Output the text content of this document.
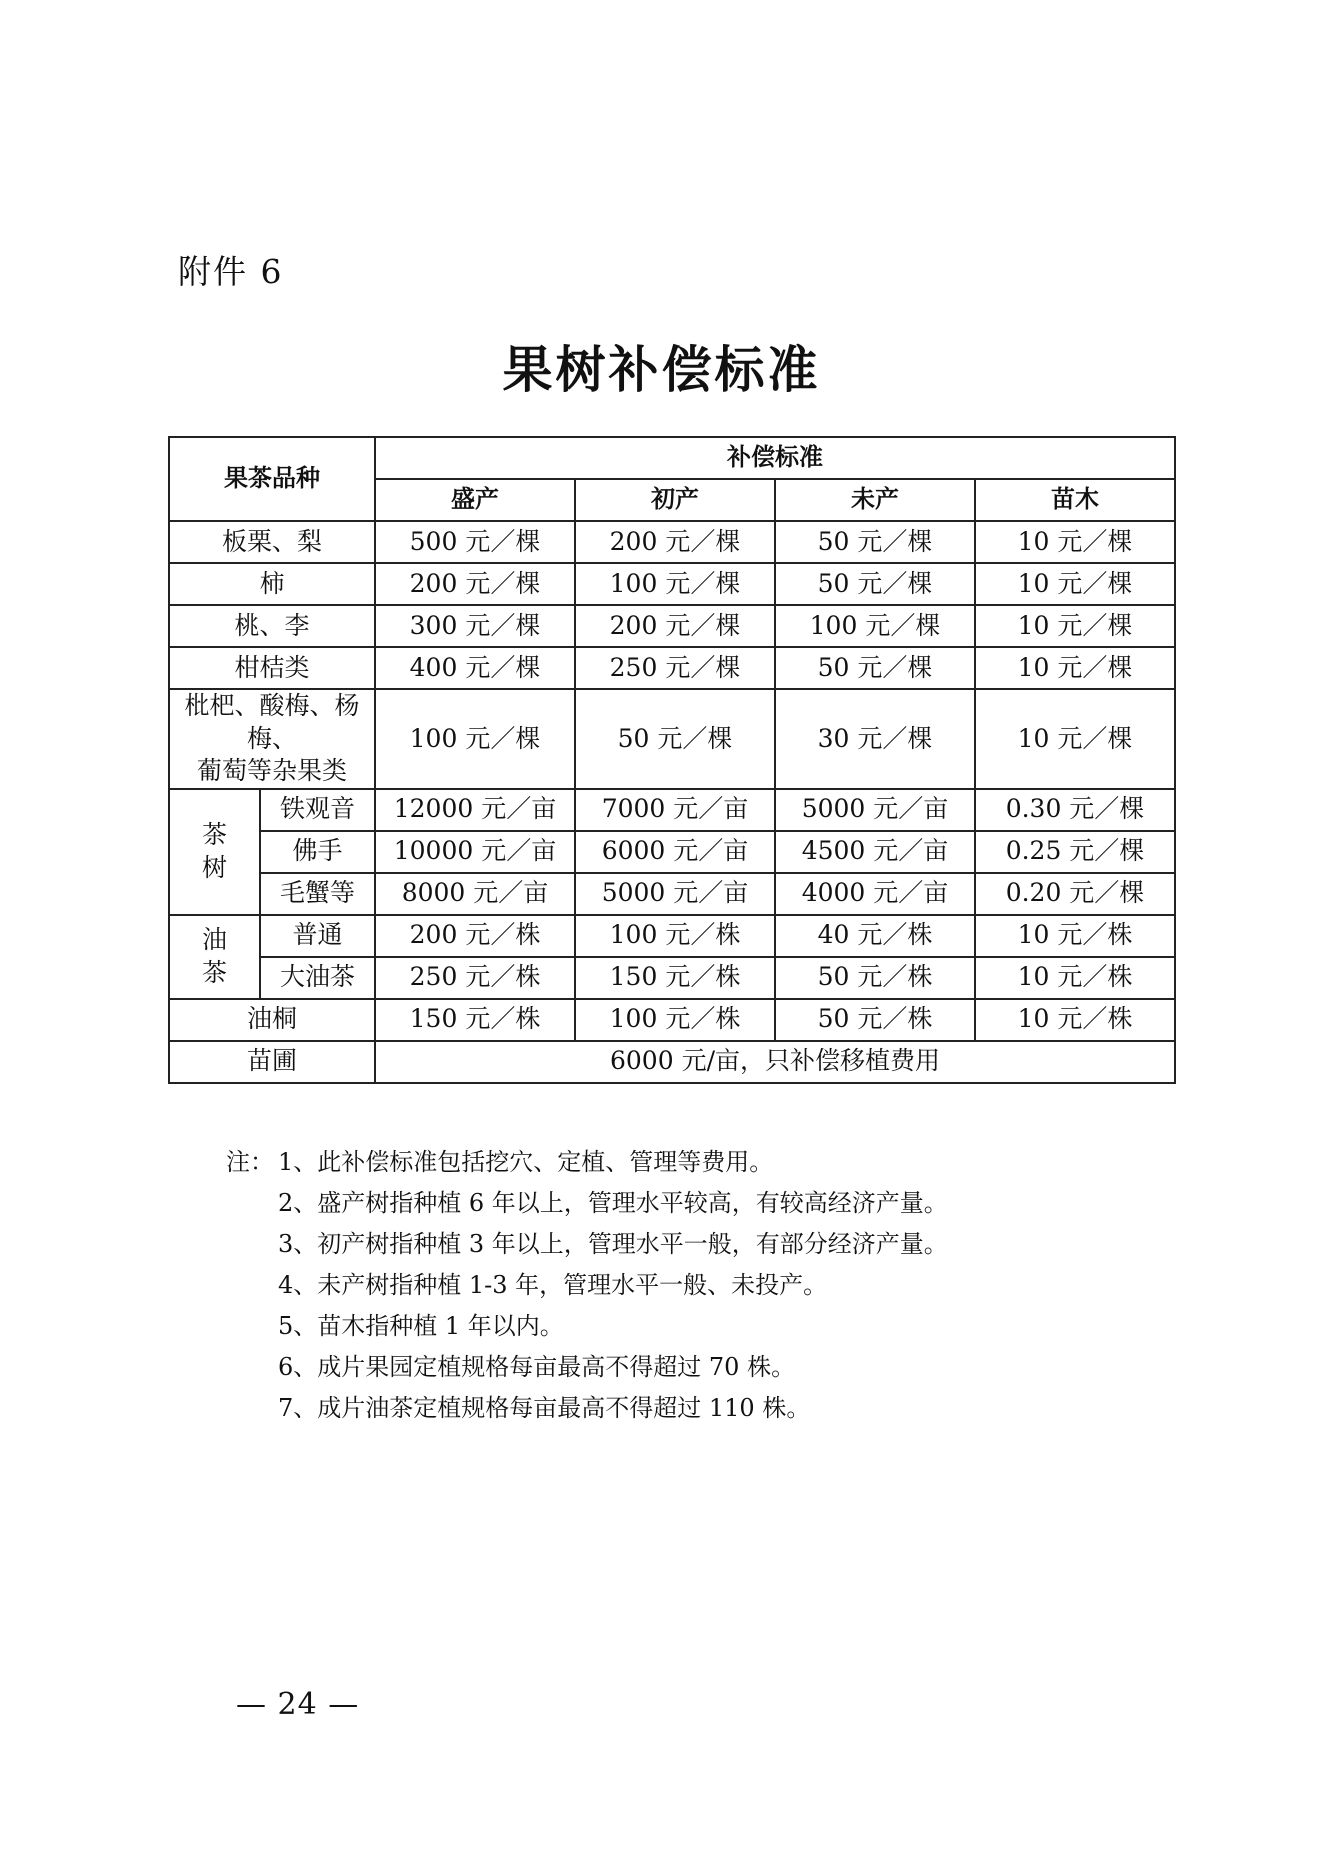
附件 6
果树补偿标准
果茶品种		补偿标准			
		盛产	初产	未产	苗木
板栗、梨		500 元／棵	200 元／棵	50 元／棵	10 元／棵
柿		200 元／棵	100 元／棵	50 元／棵	10 元／棵
桃、李		300 元／棵	200 元／棵	100 元／棵	10 元／棵
柑桔类		400 元／棵	250 元／棵	50 元／棵	10 元／棵

枇杷、酸梅、杨梅、
葡萄等杂果类		100 元／棵	50 元／棵	30 元／棵	10 元／棵

茶
树	铁观音	12000 元／亩	7000 元／亩	5000 元／亩	0.30 元／棵
	佛手	10000 元／亩	6000 元／亩	4500 元／亩	0.25 元／棵
	毛蟹等	8000 元／亩	5000 元／亩	4000 元／亩	0.20 元／棵

油
茶	普通	200 元／株	100 元／株	40 元／株	10 元／株
	大油茶	250 元／株	150 元／株	50 元／株	10 元／株
油桐		150 元／株	100 元／株	50 元／株	10 元／株
苗圃		6000 元/亩，只补偿移植费用			
注： 1、此补偿标准包括挖穴、定植、管理等费用。
2、盛产树指种植 6 年以上，管理水平较高，有较高经济产量。
3、初产树指种植 3 年以上，管理水平一般，有部分经济产量。
4、未产树指种植 1-3 年，管理水平一般、未投产。
5、苗木指种植 1 年以内。
6、成片果园定植规格每亩最高不得超过 70 株。
7、成片油茶定植规格每亩最高不得超过 110 株。
— 24 —
